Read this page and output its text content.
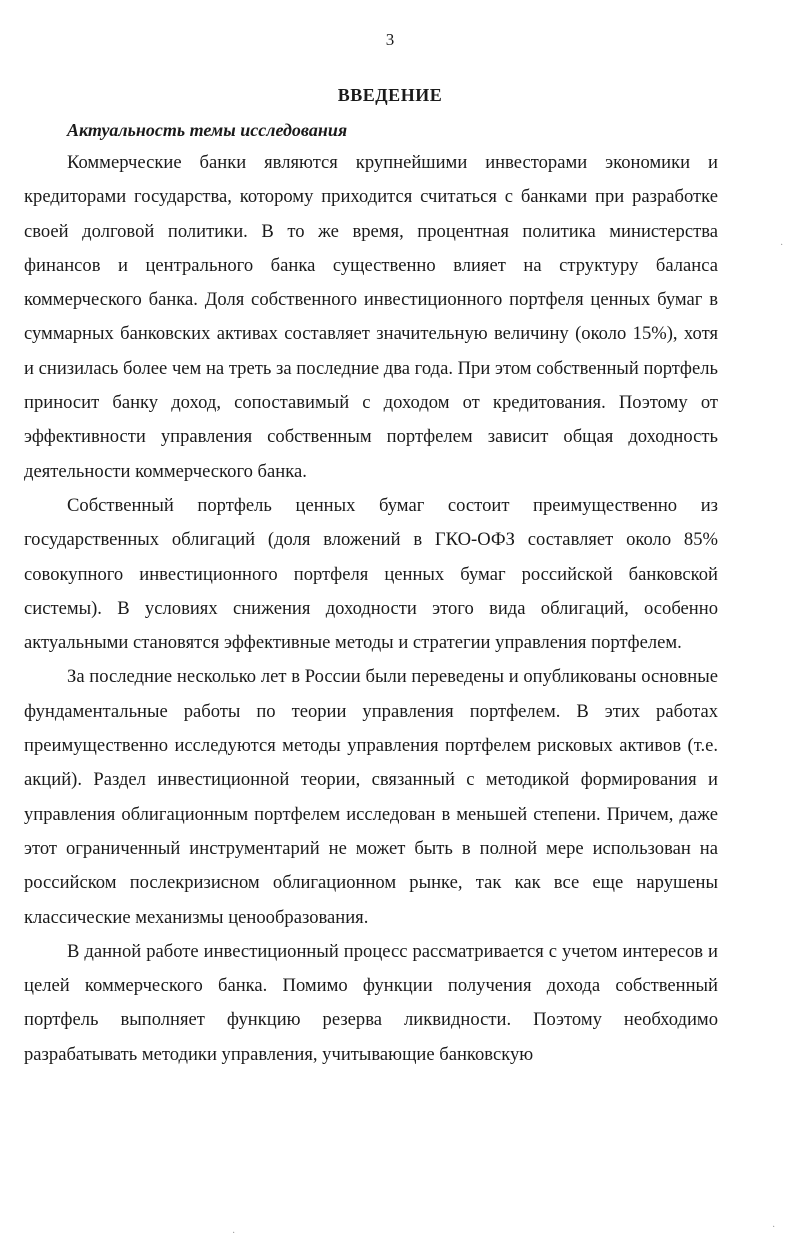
3
ВВЕДЕНИЕ
Актуальность темы исследования

Коммерческие банки являются крупнейшими инвесторами экономики и кредиторами государства, которому приходится считаться с банками при разработке своей долговой политики. В то же время, процентная политика министерства финансов и центрального банка существенно влияет на структуру баланса коммерческого банка. Доля собственного инвестиционного портфеля ценных бумаг в суммарных банковских активах составляет значительную величину (около 15%), хотя и снизилась более чем на треть за последние два года. При этом собственный портфель приносит банку доход, сопоставимый с доходом от кредитования. Поэтому от эффективности управления собственным портфелем зависит общая доходность деятельности коммерческого банка.

Собственный портфель ценных бумаг состоит преимущественно из государственных облигаций (доля вложений в ГКО-ОФЗ составляет около 85% совокупного инвестиционного портфеля ценных бумаг российской банковской системы). В условиях снижения доходности этого вида облигаций, особенно актуальными становятся эффективные методы и стратегии управления портфелем.

За последние несколько лет в России были переведены и опубликованы основные фундаментальные работы по теории управления портфелем. В этих работах преимущественно исследуются методы управления портфелем рисковых активов (т.е. акций). Раздел инвестиционной теории, связанный с методикой формирования и управления облигационным портфелем исследован в меньшей степени. Причем, даже этот ограниченный инструментарий не может быть в полной мере использован на российском послекризисном облигационном рынке, так как все еще нарушены классические механизмы ценообразования.

В данной работе инвестиционный процесс рассматривается с учетом интересов и целей коммерческого банка. Помимо функции получения дохода собственный портфель выполняет функцию резерва ликвидности. Поэтому необходимо разрабатывать методики управления, учитывающие банковскую

·
·
·
